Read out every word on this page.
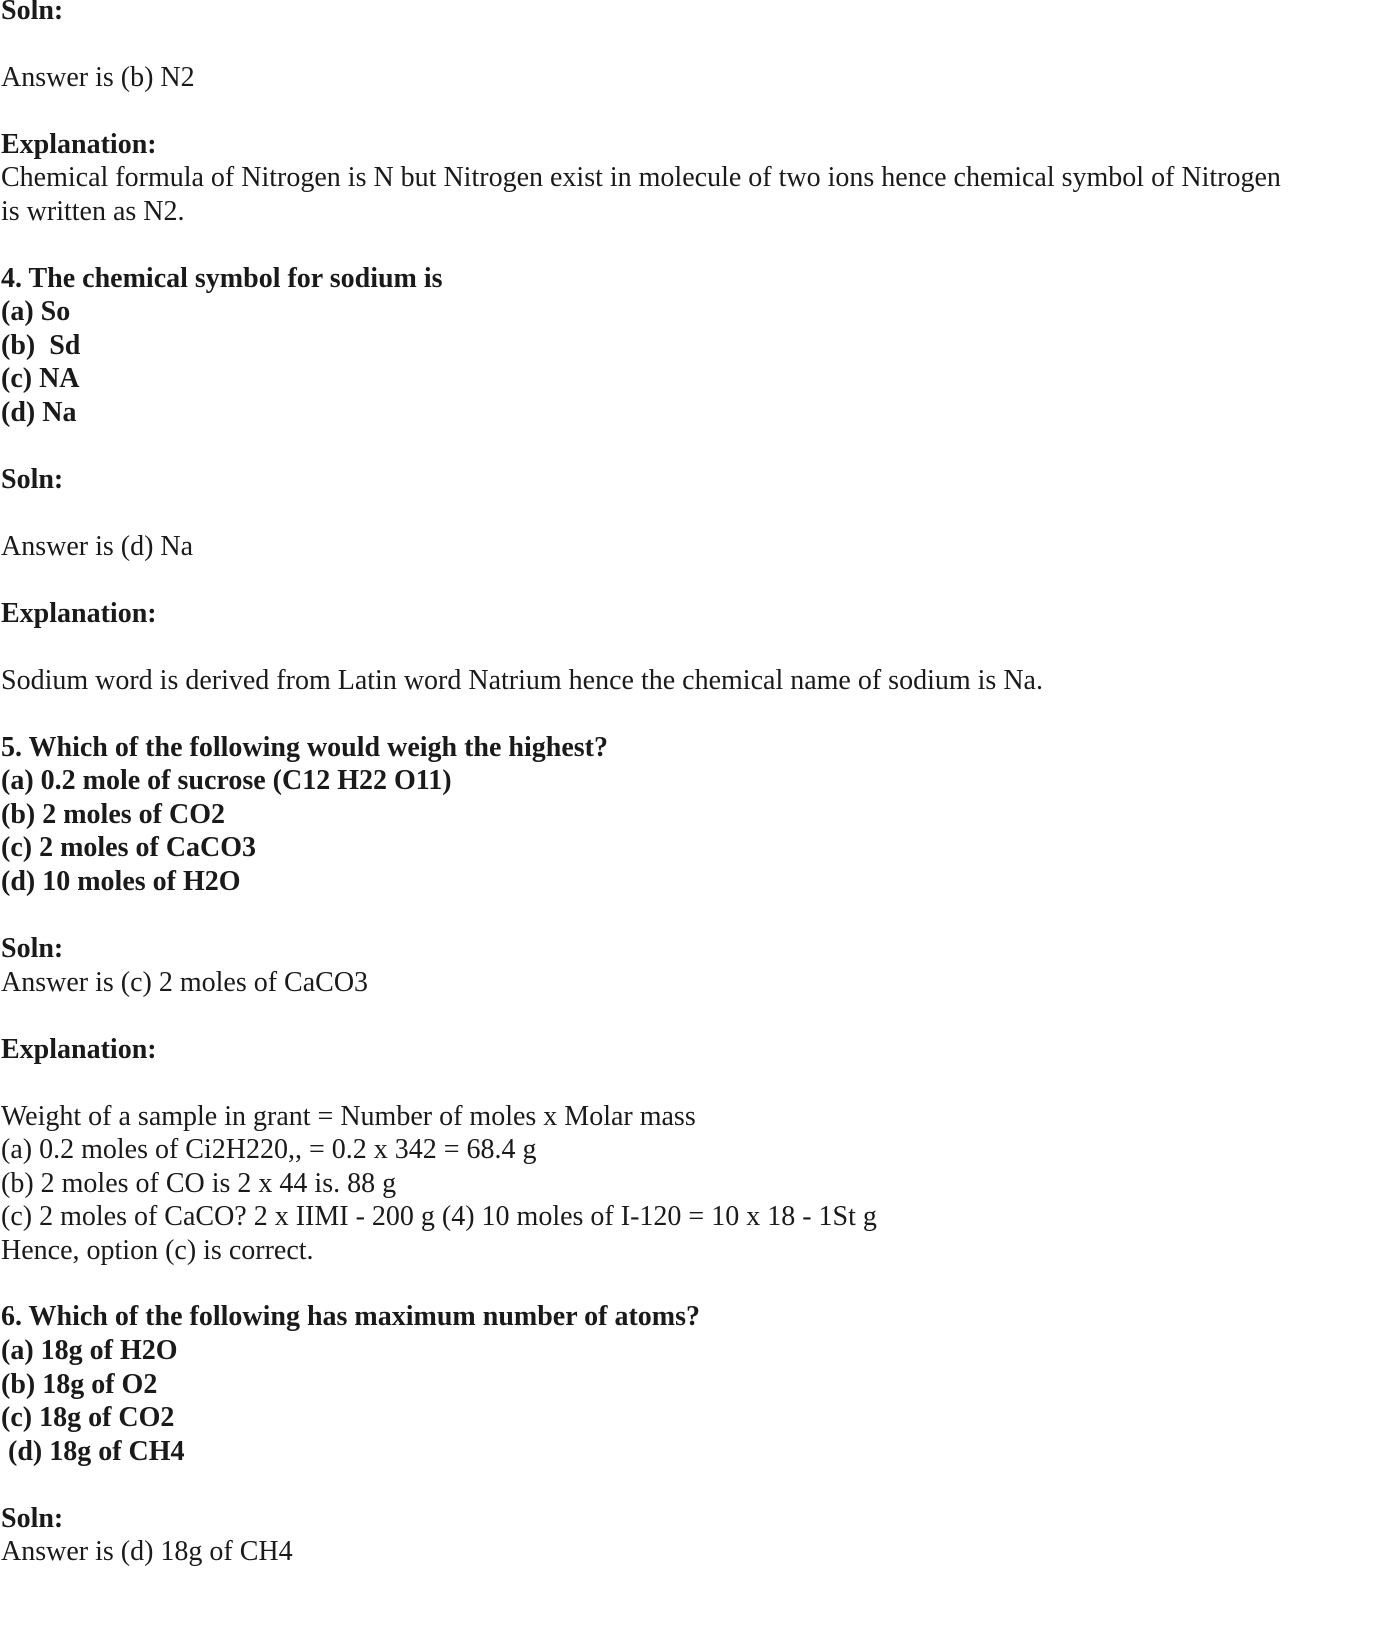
Soln:

Answer is (b) N2

Explanation:

Chemical formula of Nitrogen is N but Nitrogen exist in molecule of two ions hence chemical symbol of Nitrogen

is written as N2.

4. The chemical symbol for sodium is

(a) So

(b)  Sd

(c) NA

(d) Na

Soln:

Answer is (d) Na

Explanation:

Sodium word is derived from Latin word Natrium hence the chemical name of sodium is Na.

5. Which of the following would weigh the highest?

(a) 0.2 mole of sucrose (C12 H22 O11)

(b) 2 moles of CO2

(c) 2 moles of CaCO3

(d) 10 moles of H2O

Soln:

Answer is (c) 2 moles of CaCO3

Explanation:

Weight of a sample in grant = Number of moles x Molar mass

(a) 0.2 moles of Ci2H220,, = 0.2 x 342 = 68.4 g

(b) 2 moles of CO is 2 x 44 is. 88 g

(c) 2 moles of CaCO? 2 x IIMI - 200 g (4) 10 moles of I-120 = 10 x 18 - 1St g

Hence, option (c) is correct.

6. Which of the following has maximum number of atoms?

(a) 18g of H2O

(b) 18g of O2

(c) 18g of CO2

(d) 18g of CH4

Soln:

Answer is (d) 18g of CH4
